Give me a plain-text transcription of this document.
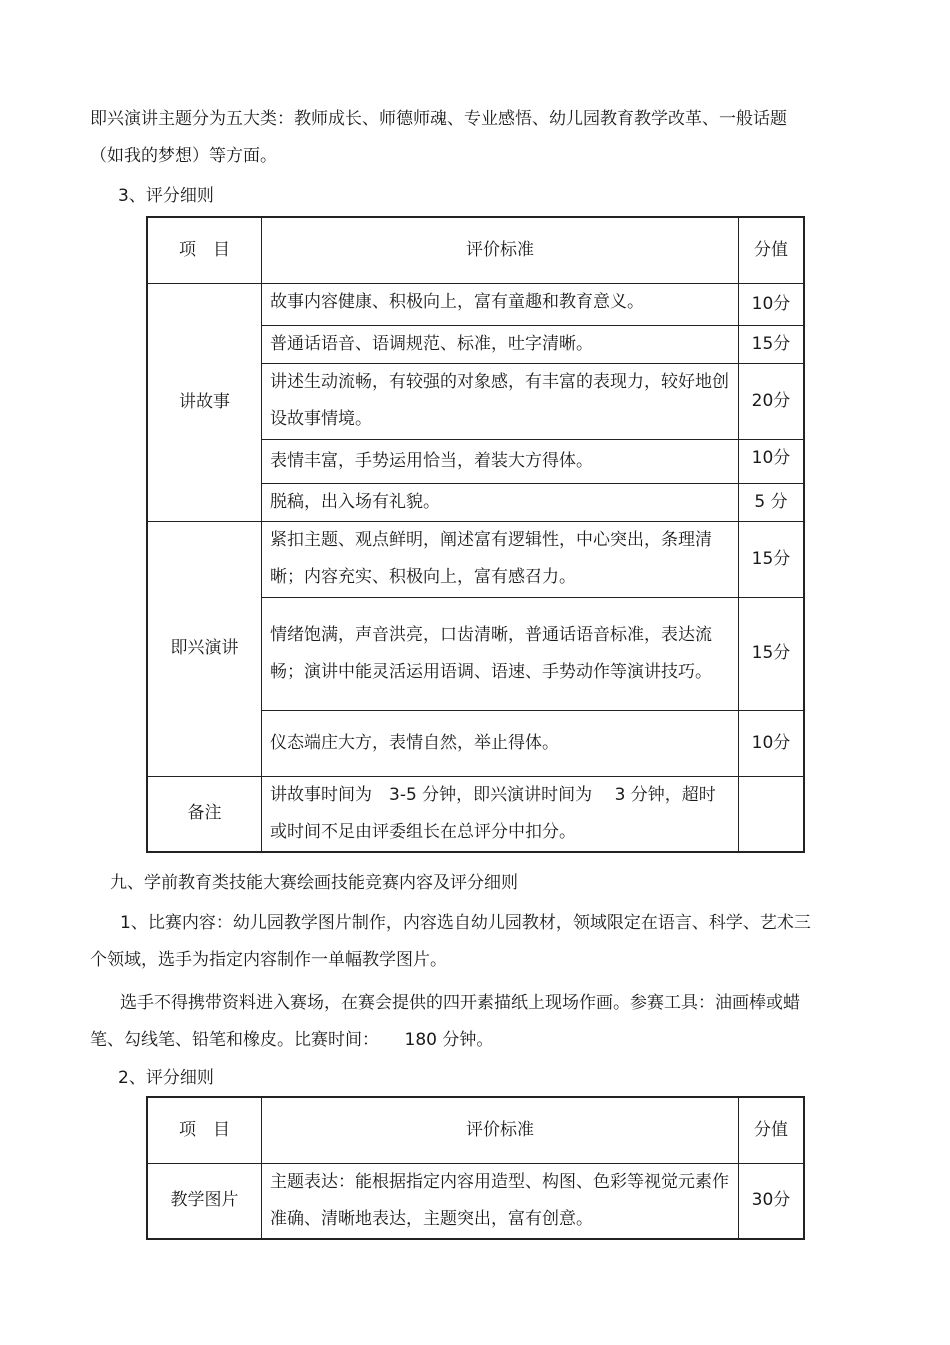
即兴演讲主题分为五大类：教师成长、师德师魂、专业感悟、幼儿园教育教学改革、一般话题（如我的梦想）等方面。

3、评分细则

项　目	评价标准	分值
讲故事	故事内容健康、积极向上，富有童趣和教育意义。	10分
	普通话语音、语调规范、标准，吐字清晰。	15分
	讲述生动流畅，有较强的对象感，有丰富的表现力，较好地创设故事情境。	20分
	表情丰富，手势运用恰当，着装大方得体。	10分
	脱稿，出入场有礼貌。	5 分
即兴演讲	紧扣主题、观点鲜明，阐述富有逻辑性，中心突出，条理清晰；内容充实、积极向上，富有感召力。	15分
	情绪饱满，声音洪亮，口齿清晰，普通话语音标准，表达流畅；演讲中能灵活运用语调、语速、手势动作等演讲技巧。	15分
	仪态端庄大方，表情自然，举止得体。	10分
备注	讲故事时间为　3-5 分钟，即兴演讲时间为　 3 分钟，超时或时间不足由评委组长在总评分中扣分。	

九、学前教育类技能大赛绘画技能竞赛内容及评分细则

1、比赛内容：幼儿园教学图片制作，内容选自幼儿园教材，领域限定在语言、科学、艺术三个领域，选手为指定内容制作一单幅教学图片。

选手不得携带资料进入赛场，在赛会提供的四开素描纸上现场作画。参赛工具：油画棒或蜡笔、勾线笔、铅笔和橡皮。比赛时间：　　180 分钟。

2、评分细则

项　目	评价标准	分值
教学图片	主题表达：能根据指定内容用造型、构图、色彩等视觉元素作准确、清晰地表达，主题突出，富有创意。	30分
